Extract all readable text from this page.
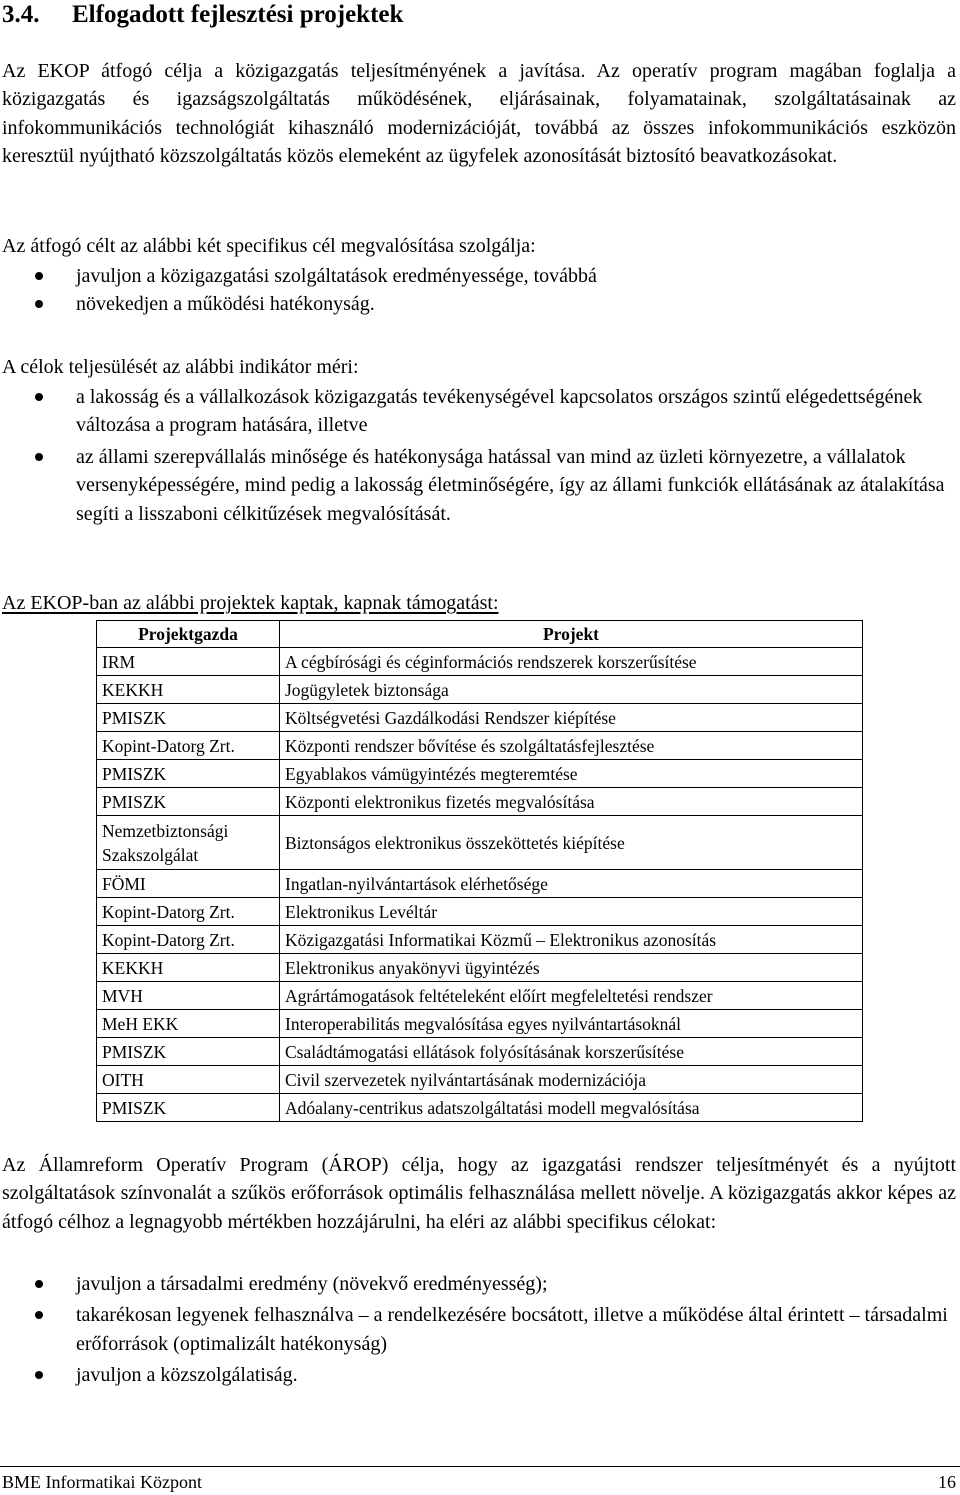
3.4. Elfogadott fejlesztési projektek

Az EKOP átfogó célja a közigazgatás teljesítményének a javítása. Az operatív program magában foglalja a közigazgatás és igazságszolgáltatás működésének, eljárásainak, folyamatainak, szolgáltatásainak az infokommunikációs technológiát kihasználó modernizációját, továbbá az összes infokommunikációs eszközön keresztül nyújtható közszolgáltatás közös elemeként az ügyfelek azonosítását biztosító beavatkozásokat.

Az átfogó célt az alábbi két specifikus cél megvalósítása szolgálja:

javuljon a közigazgatási szolgáltatások eredményessége, továbbá
növekedjen a működési hatékonyság.

A célok teljesülését az alábbi indikátor méri:

a lakosság és a vállalkozások közigazgatás tevékenységével kapcsolatos országos szintű elégedettségének változása a program hatására, illetve
az állami szerepvállalás minősége és hatékonysága hatással van mind az üzleti környezetre, a vállalatok versenyképességére, mind pedig a lakosság életminőségére, így az állami funkciók ellátásának az átalakítása segíti a lisszaboni célkitűzések megvalósítását.

Az EKOP-ban az alábbi projektek kaptak, kapnak támogatást:

Projektgazda	Projekt
IRM	A cégbírósági és céginformációs rendszerek korszerűsítése
KEKKH	Jogügyletek biztonsága
PMISZK	Költségvetési Gazdálkodási Rendszer kiépítése
Kopint-Datorg Zrt.	Központi rendszer bővítése és szolgáltatásfejlesztése
PMISZK	Egyablakos vámügyintézés megteremtése
PMISZK	Központi elektronikus fizetés megvalósítása
Nemzetbiztonsági Szakszolgálat	Biztonságos elektronikus összeköttetés kiépítése
FÖMI	Ingatlan-nyilvántartások elérhetősége
Kopint-Datorg Zrt.	Elektronikus Levéltár
Kopint-Datorg Zrt.	Közigazgatási Informatikai Közmű – Elektronikus azonosítás
KEKKH	Elektronikus anyakönyvi ügyintézés
MVH	Agrártámogatások feltételeként előírt megfeleltetési rendszer
MeH EKK	Interoperabilitás megvalósítása egyes nyilvántartásoknál
PMISZK	Családtámogatási ellátások folyósításának korszerűsítése
OITH	Civil szervezetek nyilvántartásának modernizációja
PMISZK	Adóalany-centrikus adatszolgáltatási modell megvalósítása

Az Államreform Operatív Program (ÁROP) célja, hogy az igazgatási rendszer teljesítményét és a nyújtott szolgáltatások színvonalát a szűkös erőforrások optimális felhasználása mellett növelje. A közigazgatás akkor képes az átfogó célhoz a legnagyobb mértékben hozzájárulni, ha eléri az alábbi specifikus célokat:

javuljon a társadalmi eredmény (növekvő eredményesség);
takarékosan legyenek felhasználva – a rendelkezésére bocsátott, illetve a működése által érintett – társadalmi erőforrások (optimalizált hatékonyság)
javuljon a közszolgálatiság.
BME Informatikai Központ	16
